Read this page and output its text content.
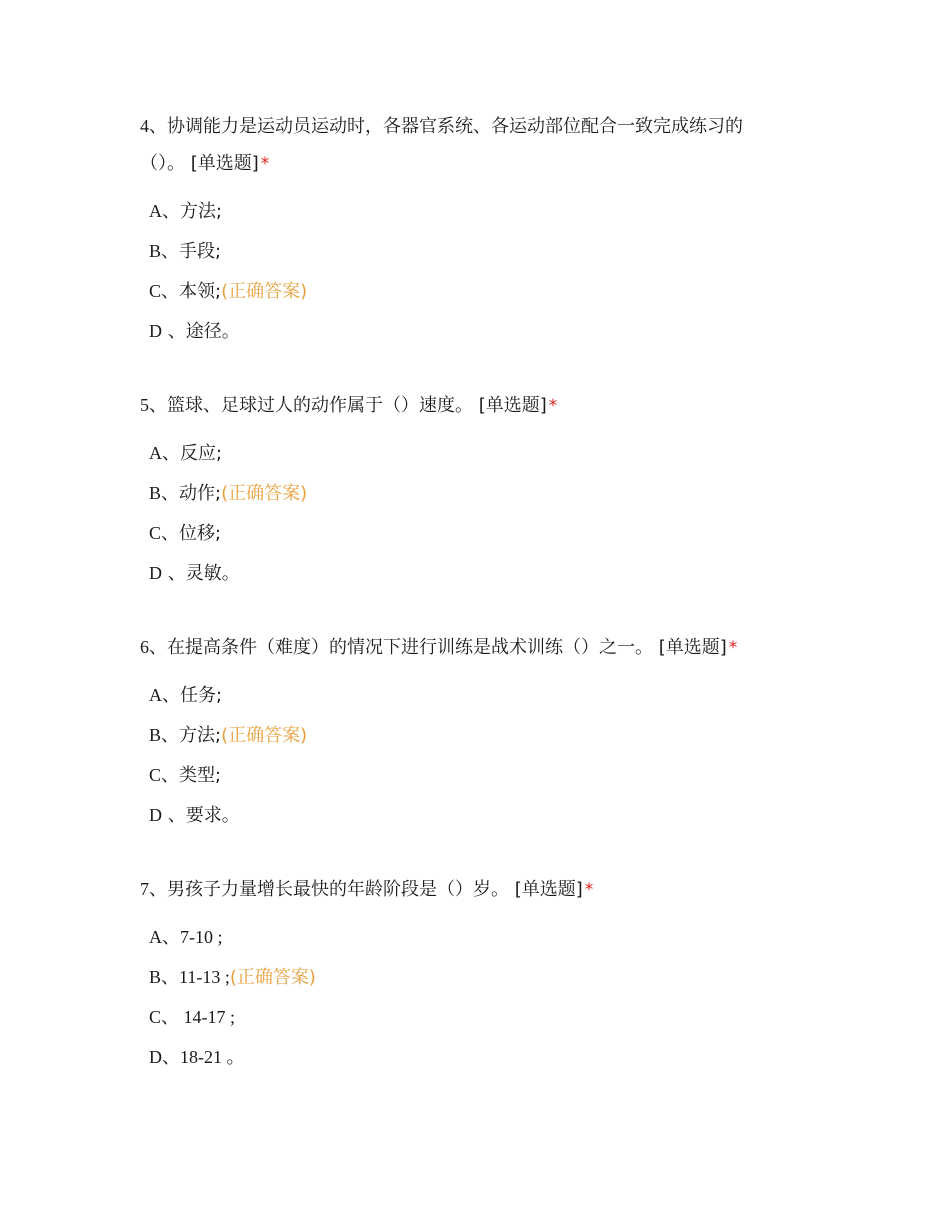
4、协调能力是运动员运动时，各器官系统、各运动部位配合一致完成练习的（）。 [单选题] *

A、方法;
B、手段;
C、本领;(正确答案)
D 、途径。

5、篮球、足球过人的动作属于（）速度。 [单选题] *

A、反应;
B、动作;(正确答案)
C、位移;
D 、灵敏。

6、在提高条件（难度）的情况下进行训练是战术训练（）之一。 [单选题] *

A、任务;
B、方法;(正确答案)
C、类型;
D 、要求。

7、男孩子力量增长最快的年龄阶段是（）岁。 [单选题] *

A、7-10 ;
B、11-13 ;(正确答案)
C、 14-17 ;
D、18-21 。
